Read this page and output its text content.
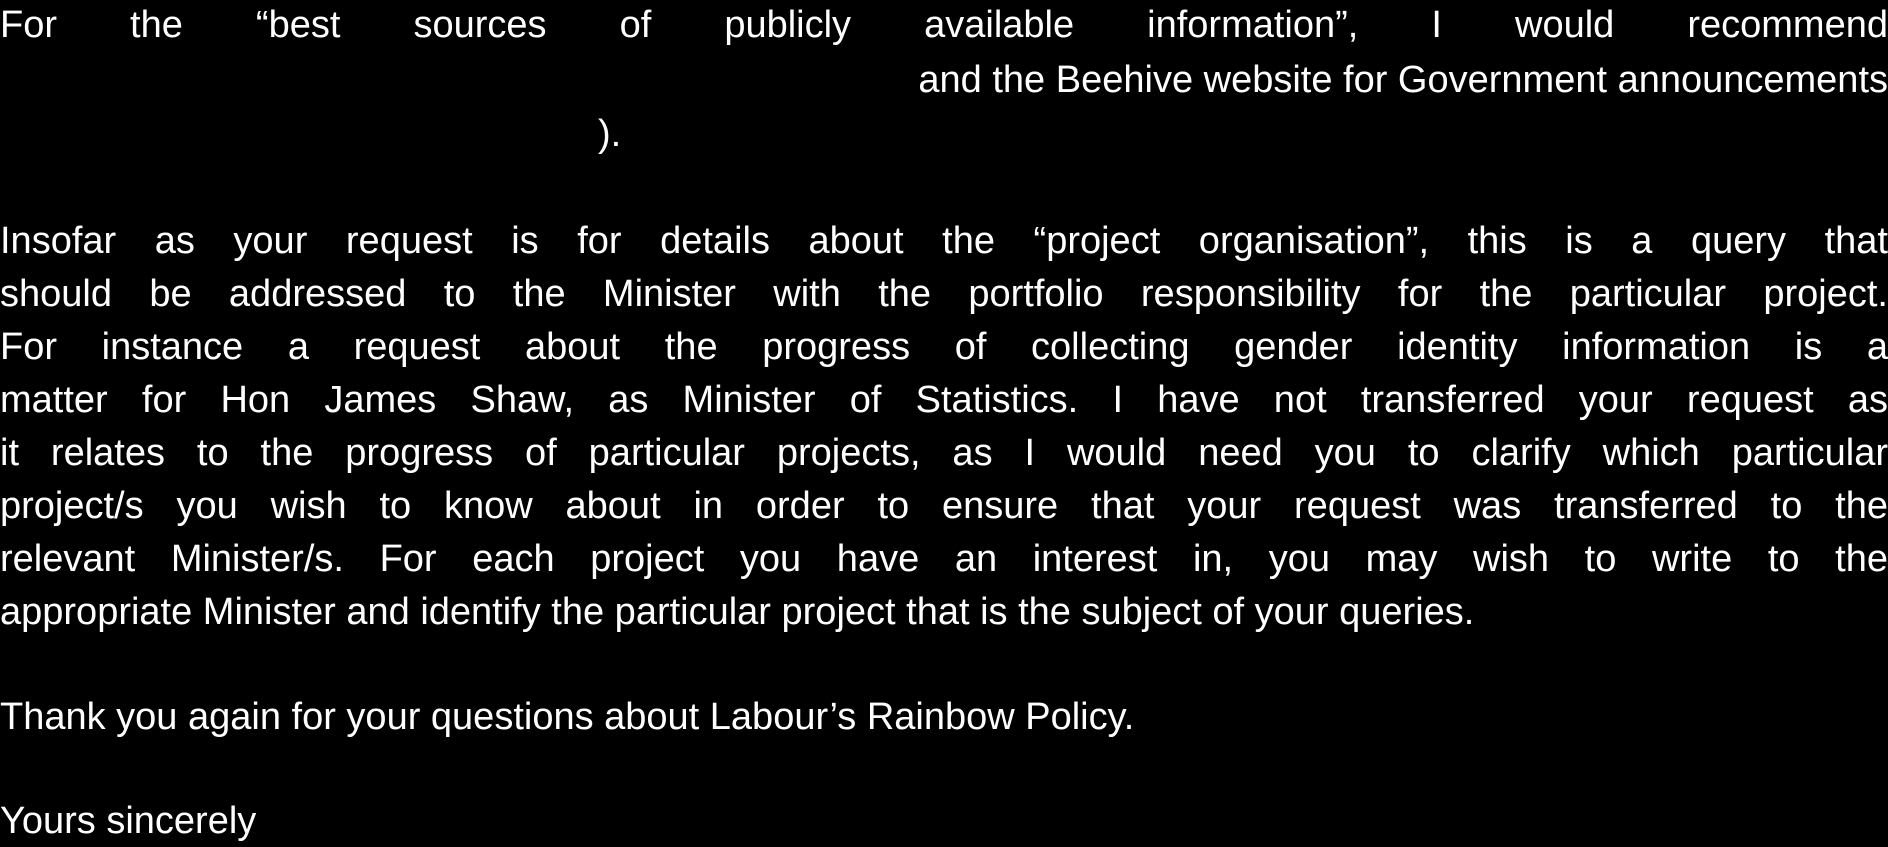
For the “best sources of publicly available information”, I would recommend
and the Beehive website for Government announcements
).
Insofar as your request is for details about the “project organisation”, this is a query that
should be addressed to the Minister with the portfolio responsibility for the particular project.
For instance a request about the progress of collecting gender identity information is a
matter for Hon James Shaw, as Minister of Statistics. I have not transferred your request as
it relates to the progress of particular projects, as I would need you to clarify which particular
project/s you wish to know about in order to ensure that your request was transferred to the
relevant Minister/s. For each project you have an interest in, you may wish to write to the
appropriate Minister and identify the particular project that is the subject of your queries.
Thank you again for your questions about Labour’s Rainbow Policy.
Yours sincerely
